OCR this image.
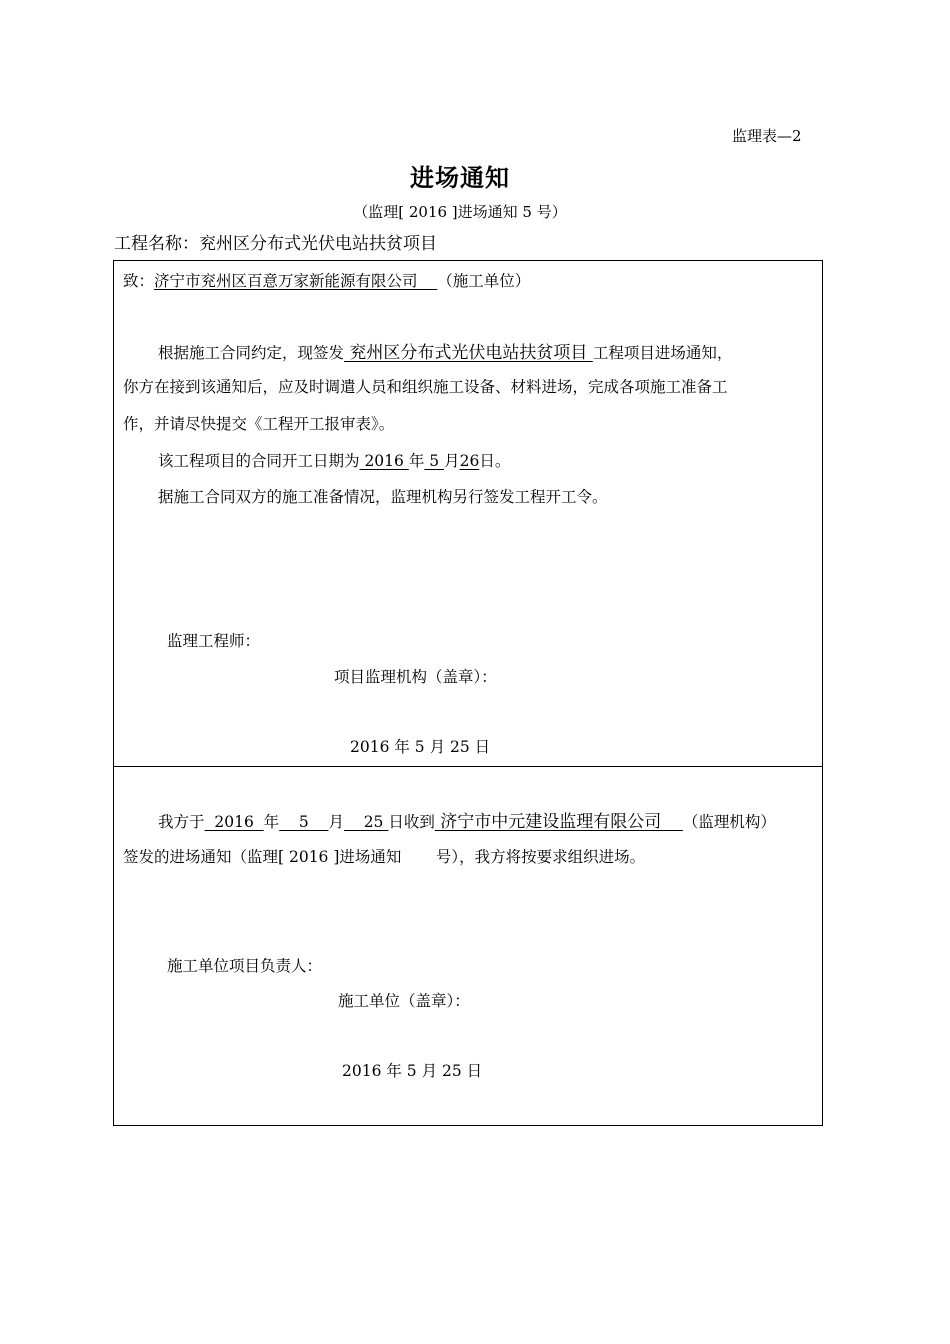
监理表—2
进场通知
（监理[ 2016 ]进场通知 5 号）
工程名称：兖州区分布式光伏电站扶贫项目
致：济宁市兖州区百意万家新能源有限公司 （施工单位）
根据施工合同约定，现签发 兖州区分布式光伏电站扶贫项目 工程项目进场通知，
你方在接到该通知后，应及时调遣人员和组织施工设备、材料进场，完成各项施工准备工
作，并请尽快提交《工程开工报审表》。
该工程项目的合同开工日期为 2016 年 5 月26日。
据施工合同双方的施工准备情况，监理机构另行签发工程开工令。
监理工程师：
项目监理机构（盖章）：
2016 年 5 月 25 日
我方于  2016  年    5    月    25 日收到 济宁市中元建设监理有限公司    （监理机构）
签发的进场通知（监理[ 2016 ]进场通知       号），我方将按要求组织进场。
施工单位项目负责人：
施工单位（盖章）：
2016 年 5 月 25 日
